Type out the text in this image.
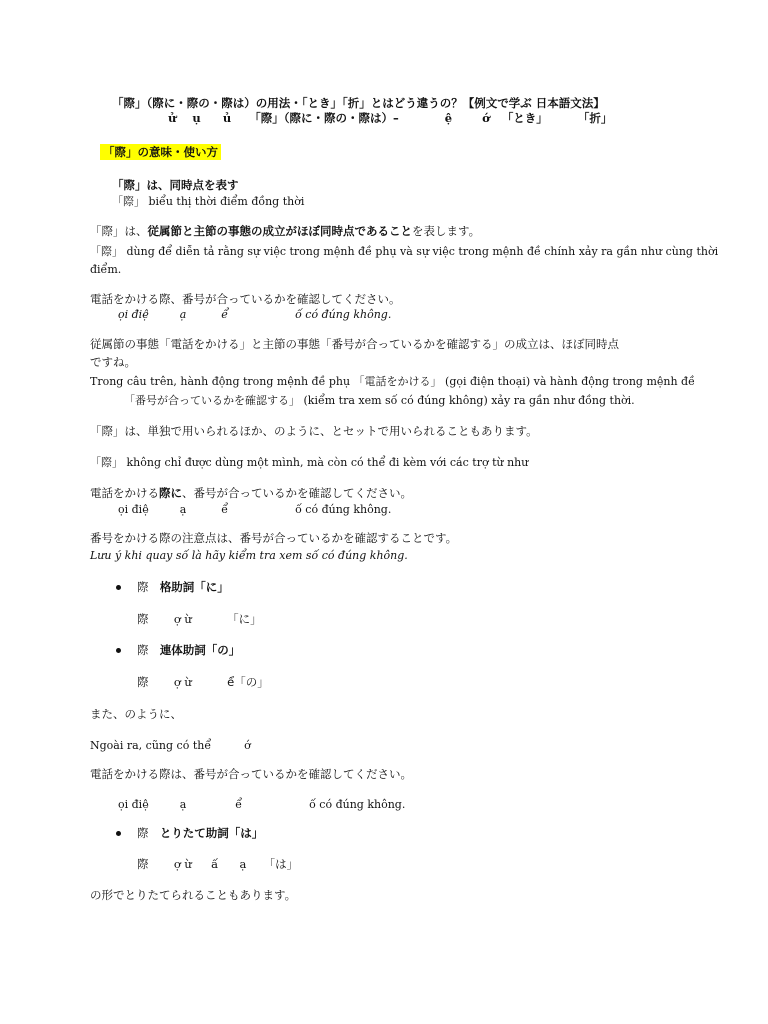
「際」（際に・際の・際は）の用法・「とき」「折」とはどう違うの？【例文で学ぶ 日本語文法】
ử ụ ủ 「際」（際に・際の・際は）–	ệ	ớ 「とき」	「折」
「際」の意味・使い方
「際」は、同時点を表す
「際」 biểu thị thời điểm đồng thời
「際」は、従属節と主節の事態の成立がほぼ同時点であることを表します。
「際」 dùng để diễn tả rằng sự việc trong mệnh đề phụ và sự việc trong mệnh đề chính xảy ra gần như cùng thời
điểm.
電話をかける際、番号が合っているかを確認してください。
ọi điệ	ạ	ể	ố có đúng không.
従属節の事態「電話をかける」と主節の事態「番号が合っているかを確認する」の成立は、ほぼ同時点
ですね。
Trong câu trên, hành động trong mệnh đề phụ 「電話をかける」 (gọi điện thoại) và hành động trong mệnh đề
「番号が合っているかを確認する」 (kiểm tra xem số có đúng không) xảy ra gần như đồng thời.
「際」は、単独で用いられるほか、のように、とセットで用いられることもあります。
「際」 không chỉ được dùng một mình, mà còn có thể đi kèm với các trợ từ như
電話をかける際に、番号が合っているかを確認してください。
ọi điệ	ạ	ể	ố có đúng không.
番号をかける際の注意点は、番号が合っているかを確認することです。
Lưu ý khi quay số là hãy kiểm tra xem số có đúng không.
際 格助詞「に」
際 ợ ừ	「に」
際 連体助詞「の」
際 ợ ừ	ể「の」
また、のように、
Ngoài ra, cũng có thể	ớ
電話をかける際は、番号が合っているかを確認してください。
ọi điệ	ạ	ể	ố có đúng không.
際 とりたて助詞「は」
際 ợ ừ ấ ạ 「は」
の形でとりたてられることもあります。
